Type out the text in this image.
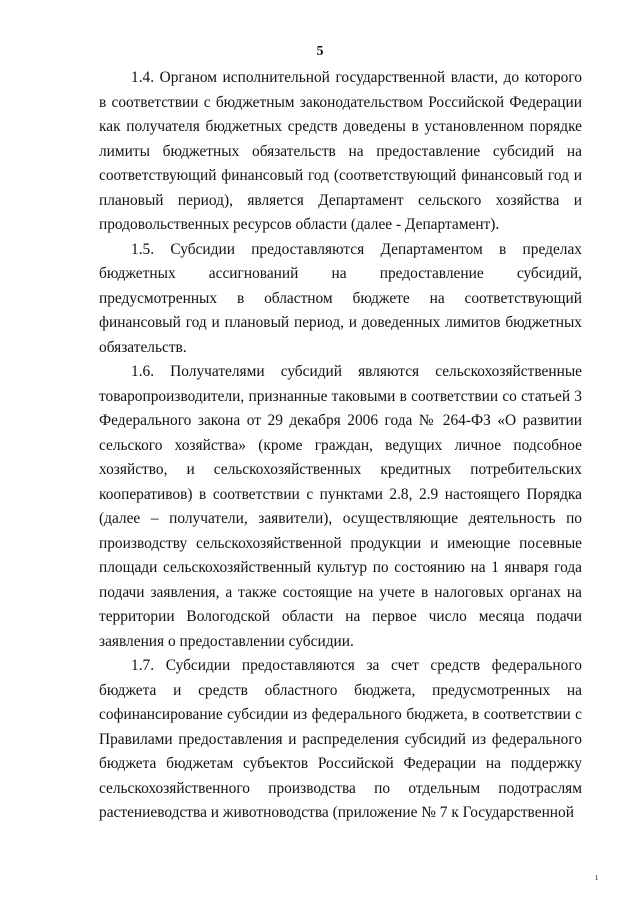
5

1.4. Органом исполнительной государственной власти, до которого в соответствии с бюджетным законодательством Российской Федерации как получателя бюджетных средств доведены в установленном порядке лимиты бюджетных обязательств на предоставление субсидий на соответствующий финансовый год (соответствующий финансовый год и плановый период), является Департамент сельского хозяйства и продовольственных ресурсов области (далее - Департамент).

1.5. Субсидии предоставляются Департаментом в пределах бюджетных ассигнований на предоставление субсидий, предусмотренных в областном бюджете на соответствующий финансовый год и плановый период, и доведенных лимитов бюджетных обязательств.

1.6. Получателями субсидий являются сельскохозяйственные товаропроизводители, признанные таковыми в соответствии со статьей 3 Федерального закона от 29 декабря 2006 года № 264-ФЗ «О развитии сельского хозяйства» (кроме граждан, ведущих личное подсобное хозяйство, и сельскохозяйственных кредитных потребительских кооперативов) в соответствии с пунктами 2.8, 2.9 настоящего Порядка (далее – получатели, заявители), осуществляющие деятельность по производству сельскохозяйственной продукции и имеющие посевные площади сельскохозяйственный культур по состоянию на 1 января года подачи заявления, а также состоящие на учете в налоговых органах на территории Вологодской области на первое число месяца подачи заявления о предоставлении субсидии.

1.7. Субсидии предоставляются за счет средств федерального бюджета и средств областного бюджета, предусмотренных на софинансирование субсидии из федерального бюджета, в соответствии с Правилами предоставления и распределения субсидий из федерального бюджета бюджетам субъектов Российской Федерации на поддержку сельскохозяйственного производства по отдельным подотраслям растениеводства и животноводства (приложение № 7 к Государственной

ı
